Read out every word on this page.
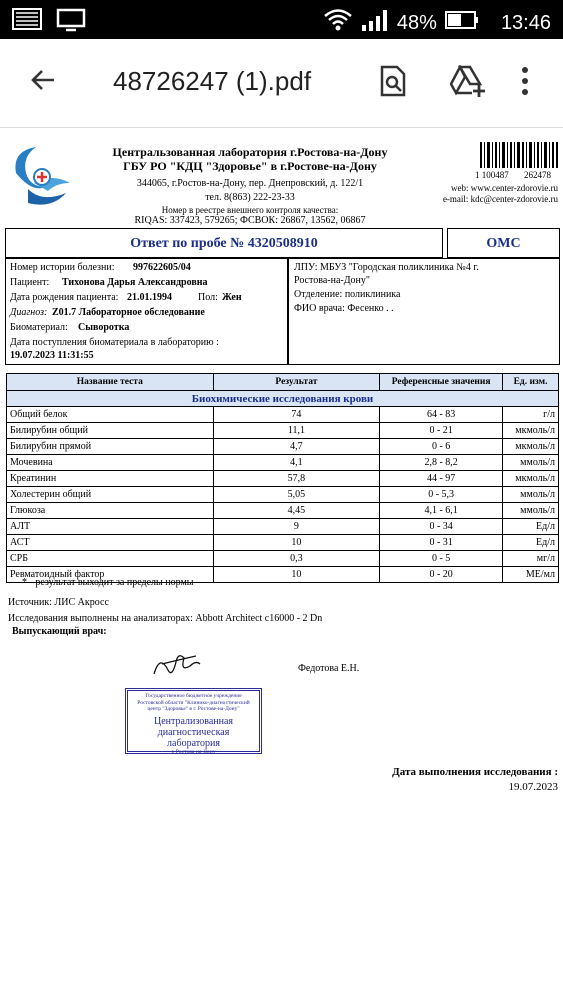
48%	13:46
48726247 (1).pdf
Центральзованная лаборатория г.Ростова-на-Дону
ГБУ РО "КДЦ "Здоровье" в г.Ростове-на-Дону
344065, г.Ростов-на-Дону, пер. Днепровский, д. 122/1
тел. 8(863) 222-23-33
Номер в реестре внешнего контроля качества:
RIQAS: 337423, 579265; ФСВОК: 26867, 13562, 06867
1 100487 262478
web: www.center-zdorovie.ru
e-mail: kdc@center-zdorovie.ru
Ответ по пробе № 4320508910	ОМС
Номер истории болезни: 997622605/04
Пациент: Тихонова Дарья Александровна
Дата рождения пациента: 21.01.1994	Пол: Жен
Диагноз: Z01.7 Лабораторное обследование
Биоматериал: Сыворотка
Дата поступления биоматериала в лабораторию :
19.07.2023 11:31:55
ЛПУ: МБУЗ "Городская поликлиника №4 г.
Ростова-на-Дону"
Отделение: поликлиника
ФИО врача: Фесенко . .
Название теста	Результат	Референсные значения	Ед. изм.
Биохимические исследования крови			
Общий белок	74	64 - 83	г/л
Билирубин общий	11,1	0 - 21	мкмоль/л
Билирубин прямой	4,7	0 - 6	мкмоль/л
Мочевина	4,1	2,8 - 8,2	ммоль/л
Креатинин	57,8	44 - 97	мкмоль/л
Холестерин общий	5,05	0 - 5,3	ммоль/л
Глюкоза	4,45	4,1 - 6,1	ммоль/л
АЛТ	9	0 - 34	Ед/л
АСТ	10	0 - 31	Ед/л
СРБ	0,3	0 - 5	мг/л
Ревматоидный фактор	10	0 - 20	МЕ/мл
* - результат выходит за пределы нормы
Источник: ЛИС Акросс
Исследования выполнены на анализаторах: Abbott Architect c16000 - 2 Dn
Выпускающий врач:
Федотова Е.Н.
Государственное бюджетное учреждение
Ростовской области "Клинико-диагностический
центр "Здоровье" в г. Ростове-на-Дону"
Централизованная
диагностическая
лаборатория
г. Ростова-на-Дону
Дата выполнения исследования :
19.07.2023
